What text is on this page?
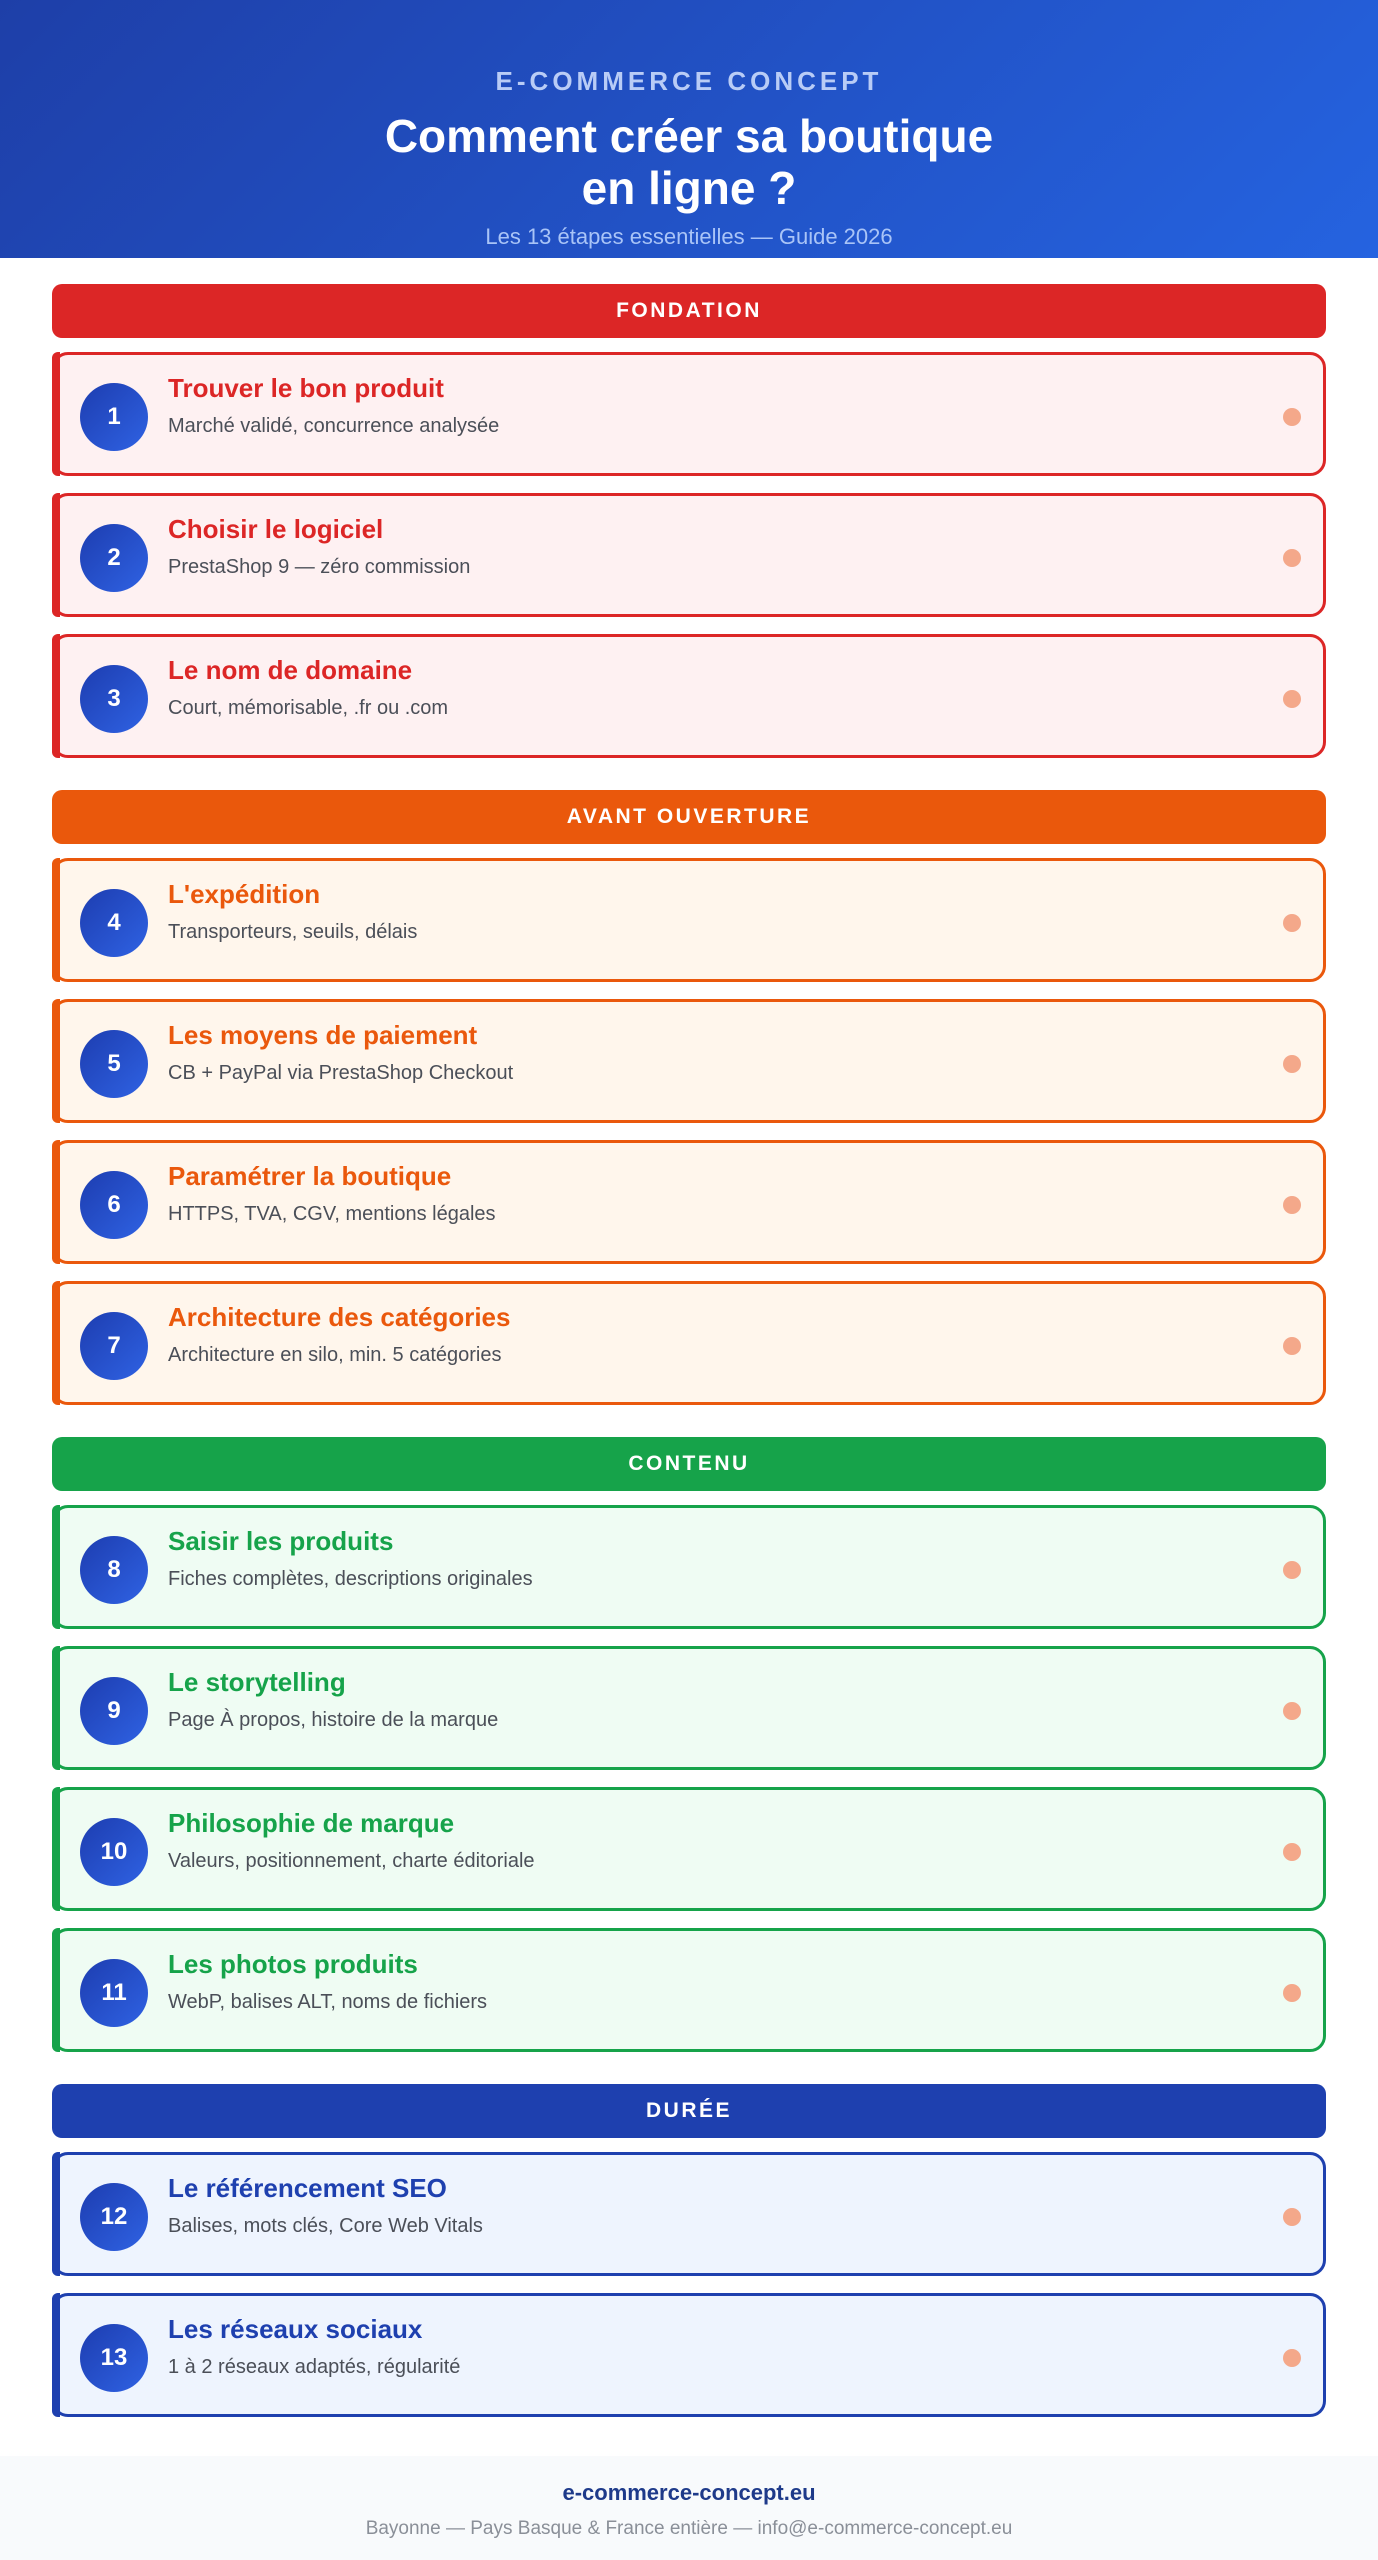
E-COMMERCE CONCEPT
Comment créer sa boutique
en ligne ?
Les 13 étapes essentielles — Guide 2026
FONDATION
1
Trouver le bon produit
Marché validé, concurrence analysée
2
Choisir le logiciel
PrestaShop 9 — zéro commission
3
Le nom de domaine
Court, mémorisable, .fr ou .com
AVANT OUVERTURE
4
L'expédition
Transporteurs, seuils, délais
5
Les moyens de paiement
CB + PayPal via PrestaShop Checkout
6
Paramétrer la boutique
HTTPS, TVA, CGV, mentions légales
7
Architecture des catégories
Architecture en silo, min. 5 catégories
CONTENU
8
Saisir les produits
Fiches complètes, descriptions originales
9
Le storytelling
Page À propos, histoire de la marque
10
Philosophie de marque
Valeurs, positionnement, charte éditoriale
11
Les photos produits
WebP, balises ALT, noms de fichiers
DURÉE
12
Le référencement SEO
Balises, mots clés, Core Web Vitals
13
Les réseaux sociaux
1 à 2 réseaux adaptés, régularité
e-commerce-concept.eu
Bayonne — Pays Basque & France entière — info@e-commerce-concept.eu
